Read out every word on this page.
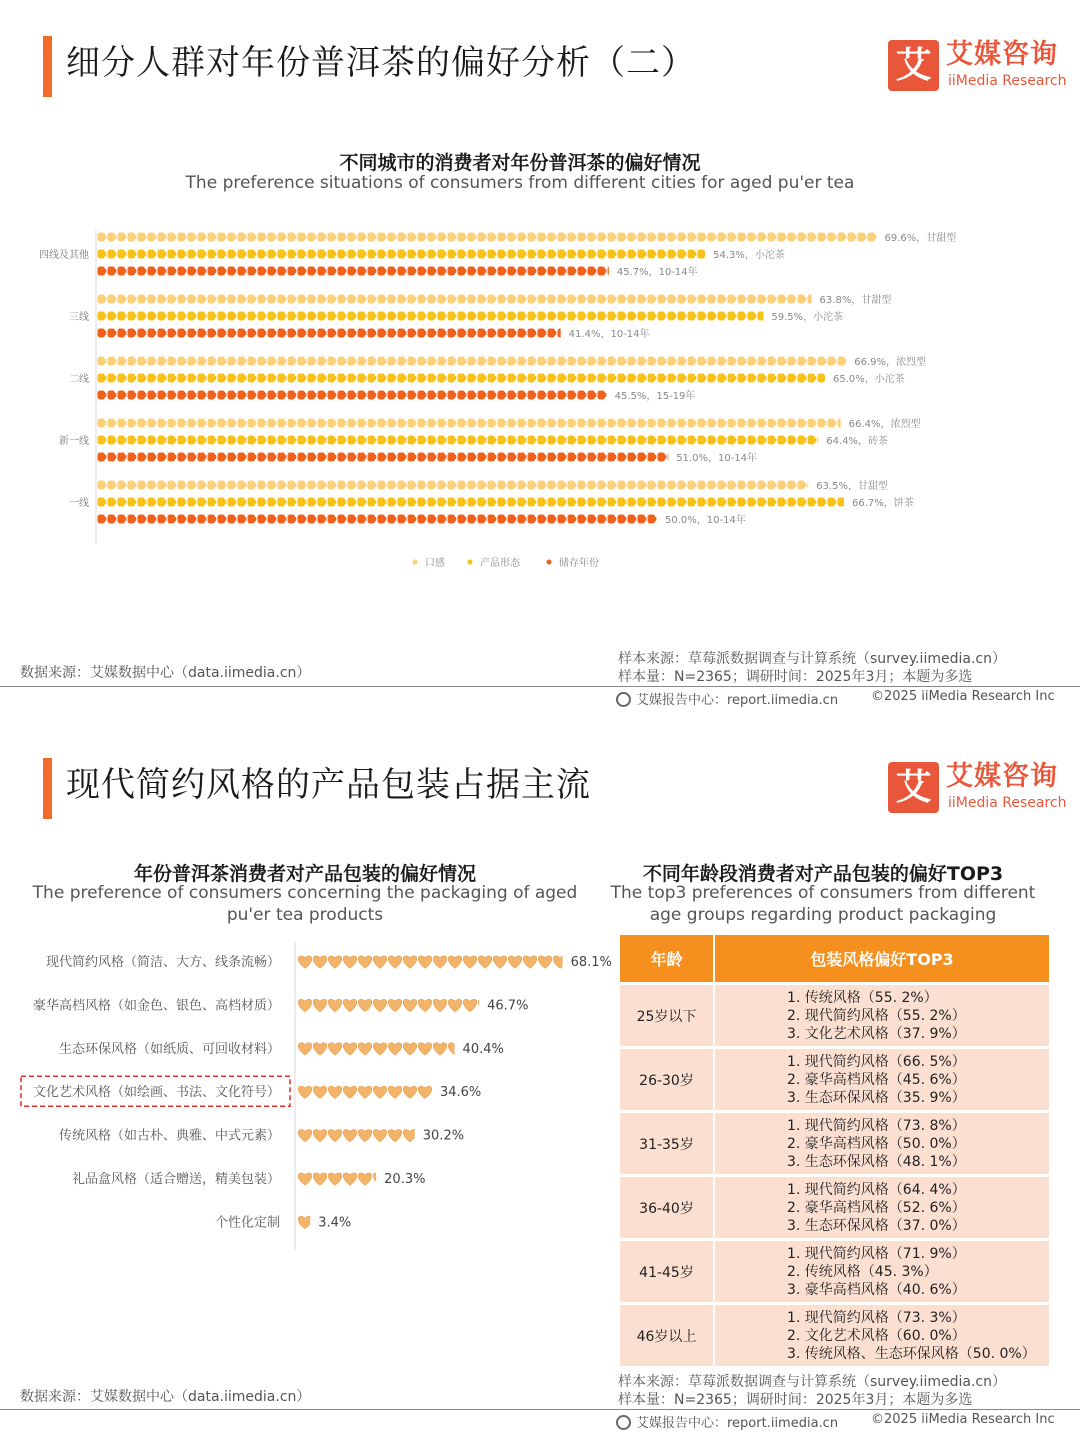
细分人群对年份普洱茶的偏好分析（二）	艾 艾媒咨询
iiMedia Research
不同城市的消费者对年份普洱茶的偏好情况
The preference situations of consumers from different cities for aged pu'er tea
四线及其他
69.6%，甘甜型
54.3%，小沱茶
45.7%，10-14年
三线
63.8%，甘甜型
59.5%，小沱茶
41.4%，10-14年
二线
66.9%，浓烈型
65.0%，小沱茶
45.5%，15-19年
新一线
66.4%，浓烈型
64.4%，砖茶
51.0%，10-14年
一线
63.5%，甘甜型
66.7%，饼茶
50.0%，10-14年
口感	产品形态	储存年份
数据来源：艾媒数据中心（data.iimedia.cn）
样本来源：草莓派数据调查与计算系统（survey.iimedia.cn）
样本量：N=2365；调研时间：2025年3月；本题为多选
艾媒报告中心：report.iimedia.cn	©2025 iiMedia Research Inc
现代简约风格的产品包装占据主流	艾 艾媒咨询
iiMedia Research
年份普洱茶消费者对产品包装的偏好情况
The preference of consumers concerning the packaging of aged pu'er tea products
现代简约风格（简洁、大方、线条流畅）	68.1%
豪华高档风格（如金色、银色、高档材质）	46.7%
生态环保风格（如纸质、可回收材料）	40.4%
文化艺术风格（如绘画、书法、文化符号）	34.6%
传统风格（如古朴、典雅、中式元素）	30.2%
礼品盒风格（适合赠送，精美包装）	20.3%
个性化定制	3.4%
不同年龄段消费者对产品包装的偏好TOP3
The top3 preferences of consumers from different age groups regarding product packaging
年龄	包装风格偏好TOP3
25岁以下	1. 传统风格（55. 2%）
2. 现代简约风格（55. 2%）
3. 文化艺术风格（37. 9%）

26-30岁	1. 现代简约风格（66. 5%）
2. 豪华高档风格（45. 6%）
3. 生态环保风格（35. 9%）

31-35岁	1. 现代简约风格（73. 8%）
2. 豪华高档风格（50. 0%）
3. 生态环保风格（48. 1%）

36-40岁	1. 现代简约风格（64. 4%）
2. 豪华高档风格（52. 6%）
3. 生态环保风格（37. 0%）

41-45岁	1. 现代简约风格（71. 9%）
2. 传统风格（45. 3%）
3. 豪华高档风格（40. 6%）

46岁以上	1. 现代简约风格（73. 3%）
2. 文化艺术风格（60. 0%）
3. 传统风格、生态环保风格（50. 0%）
数据来源：艾媒数据中心（data.iimedia.cn）
样本来源：草莓派数据调查与计算系统（survey.iimedia.cn）
样本量：N=2365；调研时间：2025年3月；本题为多选
艾媒报告中心：report.iimedia.cn	©2025 iiMedia Research Inc
